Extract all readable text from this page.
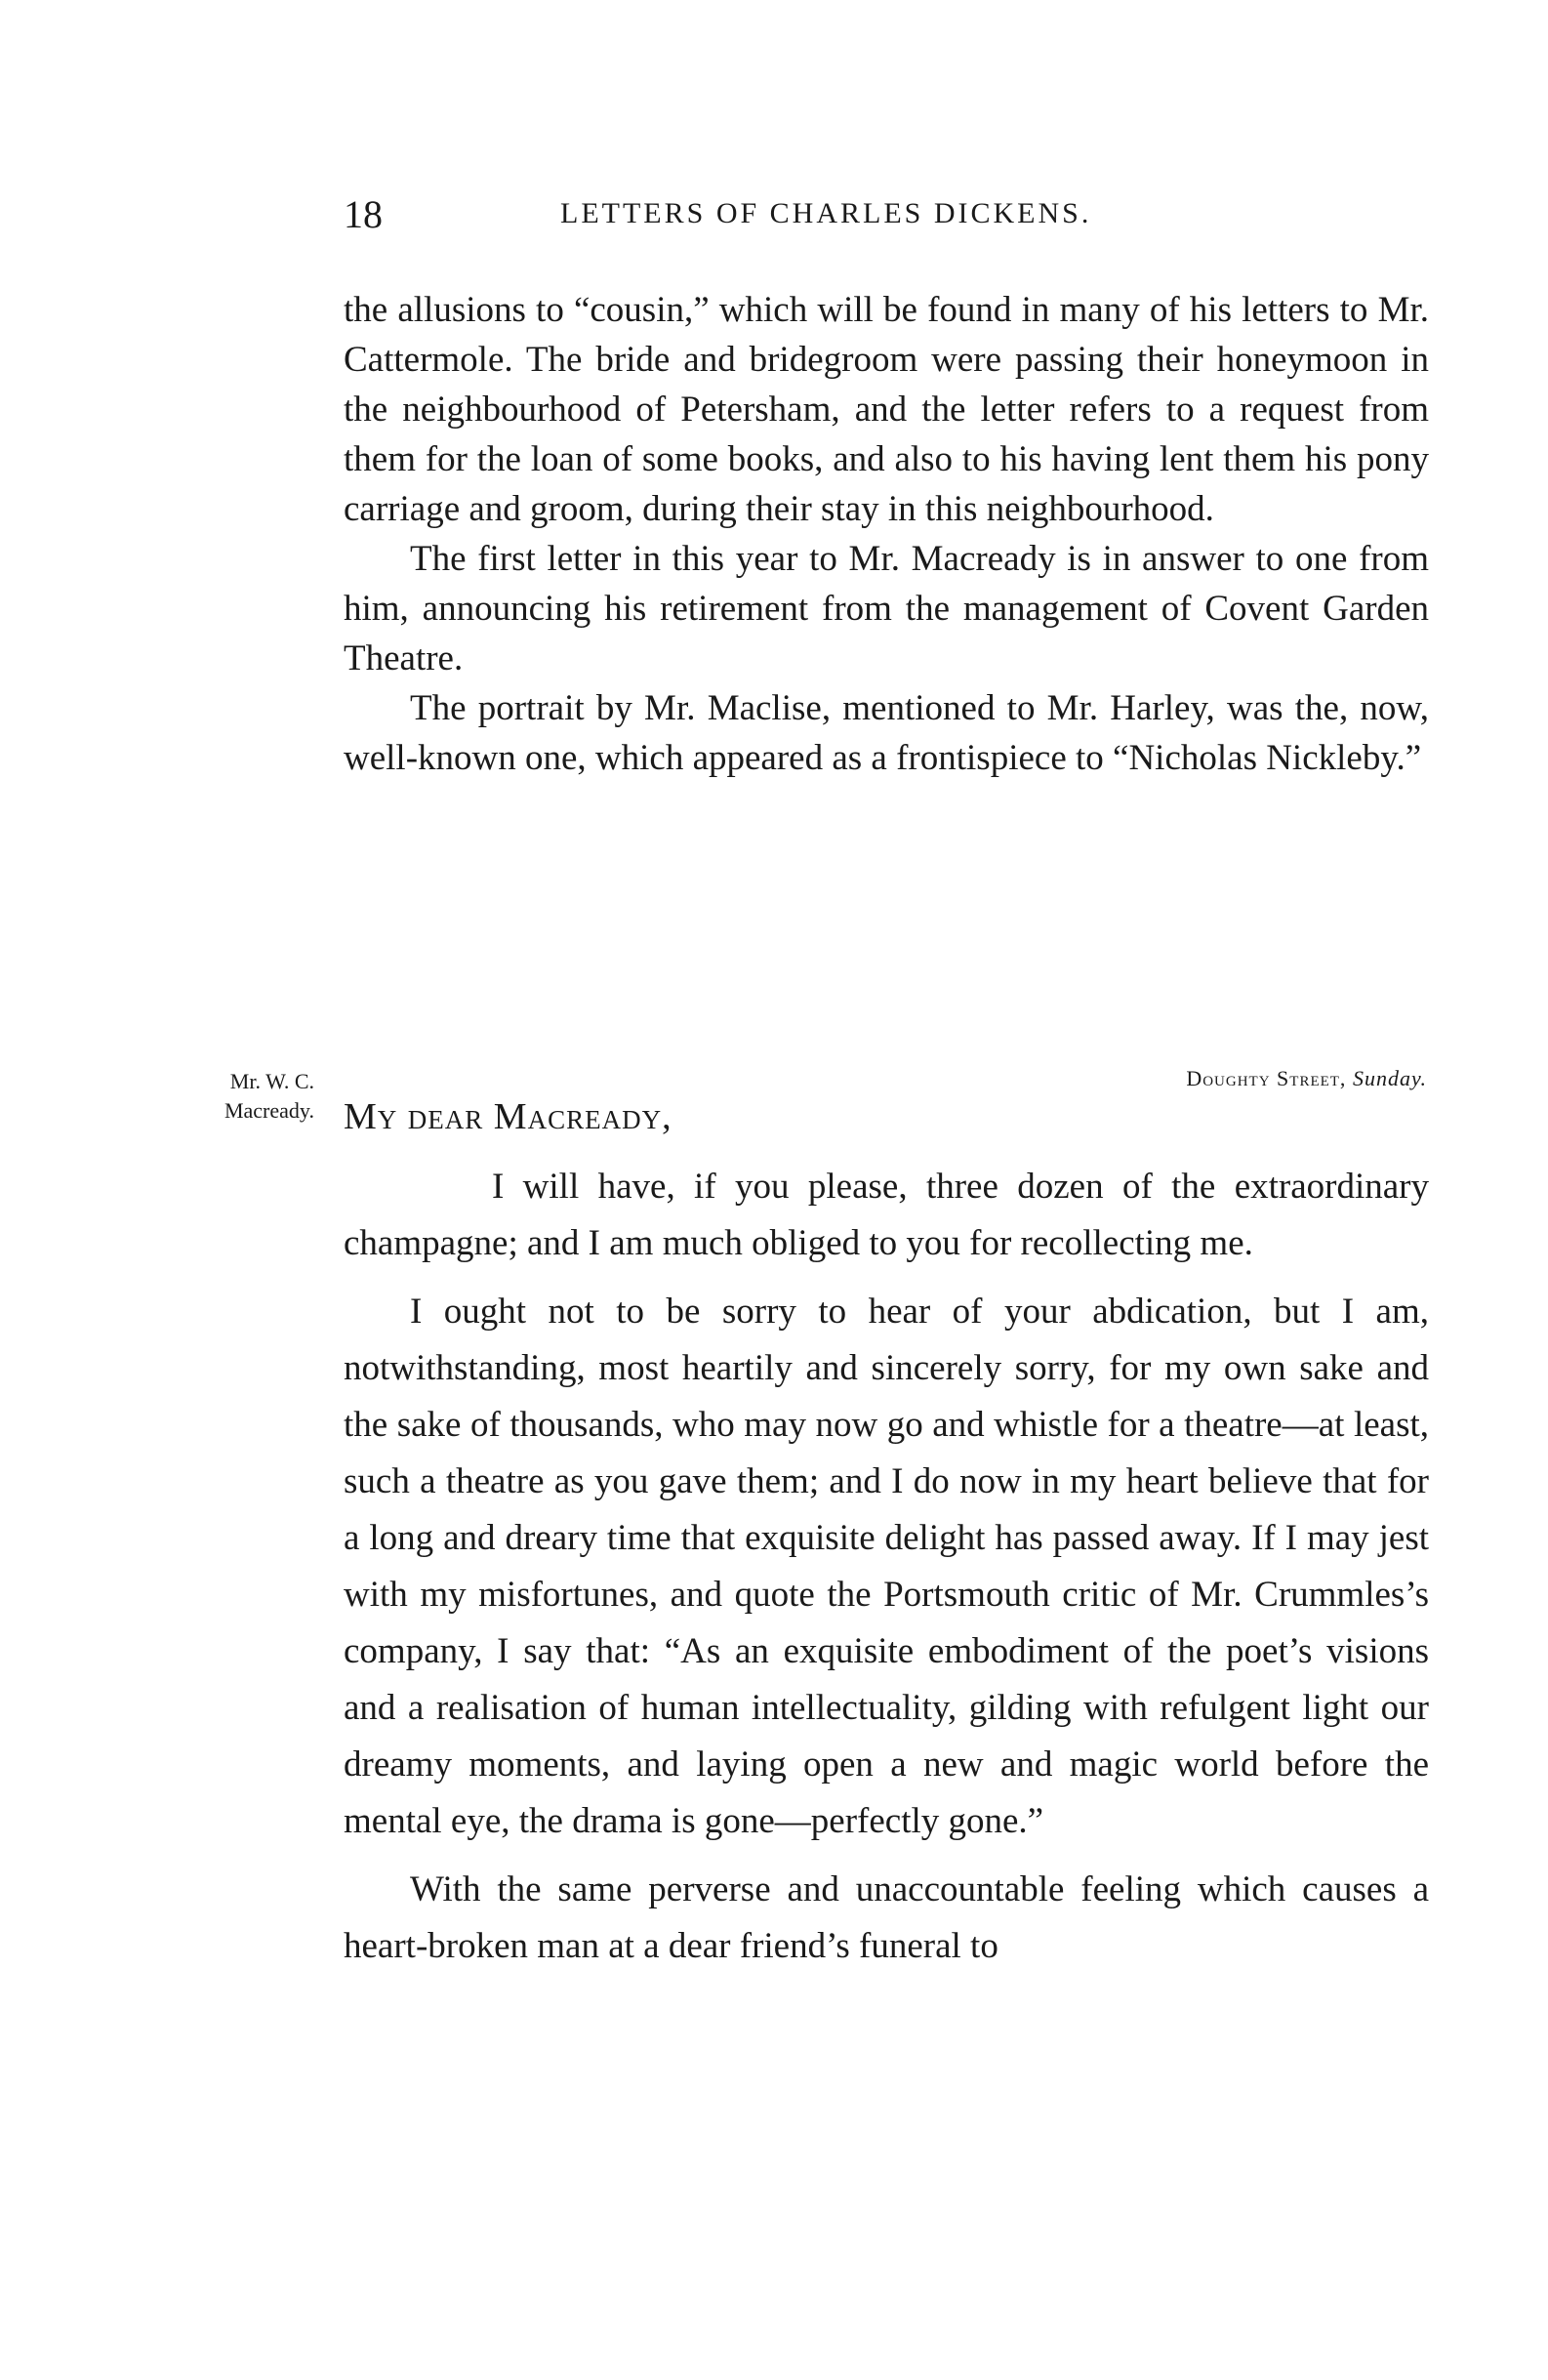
18	LETTERS OF CHARLES DICKENS.

the allusions to “cousin,” which will be found in many of his letters to Mr. Cattermole. The bride and bridegroom were passing their honeymoon in the neighbourhood of Petersham, and the letter refers to a request from them for the loan of some books, and also to his having lent them his pony carriage and groom, during their stay in this neighbourhood.

The first letter in this year to Mr. Macready is in answer to one from him, announcing his retirement from the management of Covent Garden Theatre.

The portrait by Mr. Maclise, mentioned to Mr. Harley, was the, now, well-known one, which appeared as a frontispiece to “Nicholas Nickleby.”

Mr. W. C.
Macready.
Doughty Street, Sunday.
My dear Macready,

I will have, if you please, three dozen of the extraordinary champagne; and I am much obliged to you for recollecting me.

I ought not to be sorry to hear of your abdication, but I am, notwithstanding, most heartily and sincerely sorry, for my own sake and the sake of thousands, who may now go and whistle for a theatre—at least, such a theatre as you gave them; and I do now in my heart believe that for a long and dreary time that exquisite delight has passed away. If I may jest with my misfortunes, and quote the Portsmouth critic of Mr. Crummles’s company, I say that: “As an exquisite embodiment of the poet’s visions and a realisation of human intellectuality, gilding with refulgent light our dreamy moments, and laying open a new and magic world before the mental eye, the drama is gone—perfectly gone.”

With the same perverse and unaccountable feeling which causes a heart-broken man at a dear friend’s funeral to
